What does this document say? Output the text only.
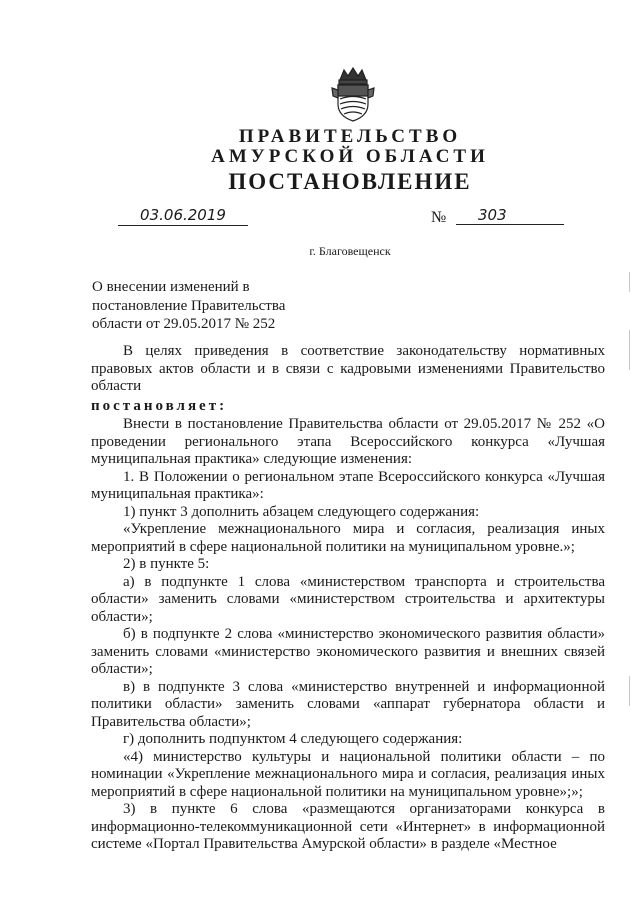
ПРАВИТЕЛЬСТВО
АМУРСКОЙ ОБЛАСТИ
ПОСТАНОВЛЕНИЕ
03.06.2019	№	303
г. Благовещенск
О внесении изменений в
постановление Правительства
области от 29.05.2017 № 252

В целях приведения в соответствие законодательству нормативных правовых актов области и в связи с кадровыми изменениями Правительство области

постановляет:

Внести в постановление Правительства области от 29.05.2017 № 252 «О проведении регионального этапа Всероссийского конкурса «Лучшая муниципальная практика» следующие изменения:

1. В Положении о региональном этапе Всероссийского конкурса «Лучшая муниципальная практика»:

1) пункт 3 дополнить абзацем следующего содержания:

«Укрепление межнационального мира и согласия, реализация иных мероприятий в сфере национальной политики на муниципальном уровне.»;

2) в пункте 5:

а) в подпункте 1 слова «министерством транспорта и строительства области» заменить словами «министерством строительства и архитектуры области»;

б) в подпункте 2 слова «министерство экономического развития области» заменить словами «министерство экономического развития и внешних связей области»;

в) в подпункте 3 слова «министерство внутренней и информационной политики области» заменить словами «аппарат губернатора области и Правительства области»;

г) дополнить подпунктом 4 следующего содержания:

«4) министерство культуры и национальной политики области – по номинации «Укрепление межнационального мира и согласия, реализация иных мероприятий в сфере национальной политики на муниципальном уровне»;»;

3) в пункте 6 слова «размещаются организаторами конкурса в информационно-телекоммуникационной сети «Интернет» в информационной системе «Портал Правительства Амурской области» в разделе «Местное
